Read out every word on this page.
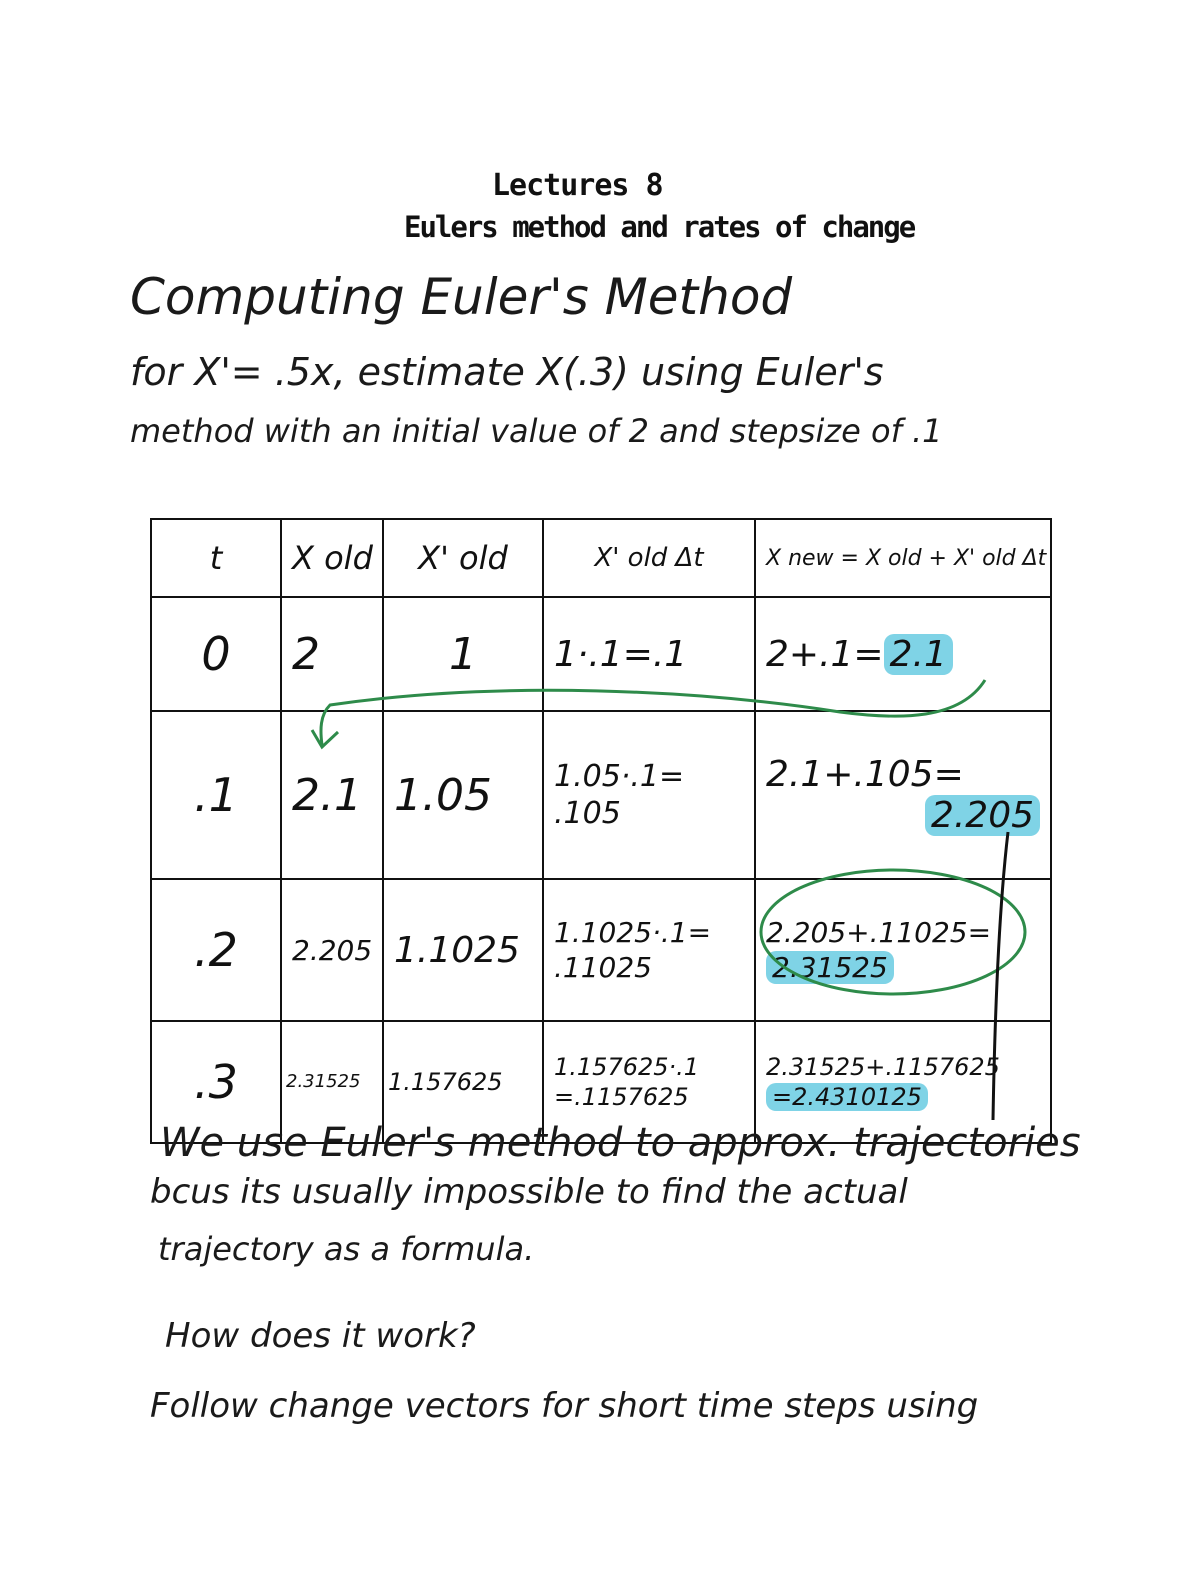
Lectures 8
Eulers method and rates of change
Computing Euler's Method
for X'= .5x, estimate X(.3) using Euler's
method with an initial value of 2 and stepsize of .1
t	X old	X' old	X' old Δt	X new = X old + X' old Δt
0	2	1	1·.1=.1	2+.1= 2.1
.1	2.1	1.05	1.05·.1= .105	2.1+.105=
2.205

.2	2.205	1.1025	1.1025·.1= .11025	2.205+.11025=
2.31525

.3	2.31525	1.157625	1.157625·.1 =.1157625	2.31525+.1157625
=2.4310125
We use Euler's method to approx. trajectories
bcus its usually impossible to find the actual
trajectory as a formula.
How does it work?
Follow change vectors for short time steps using
